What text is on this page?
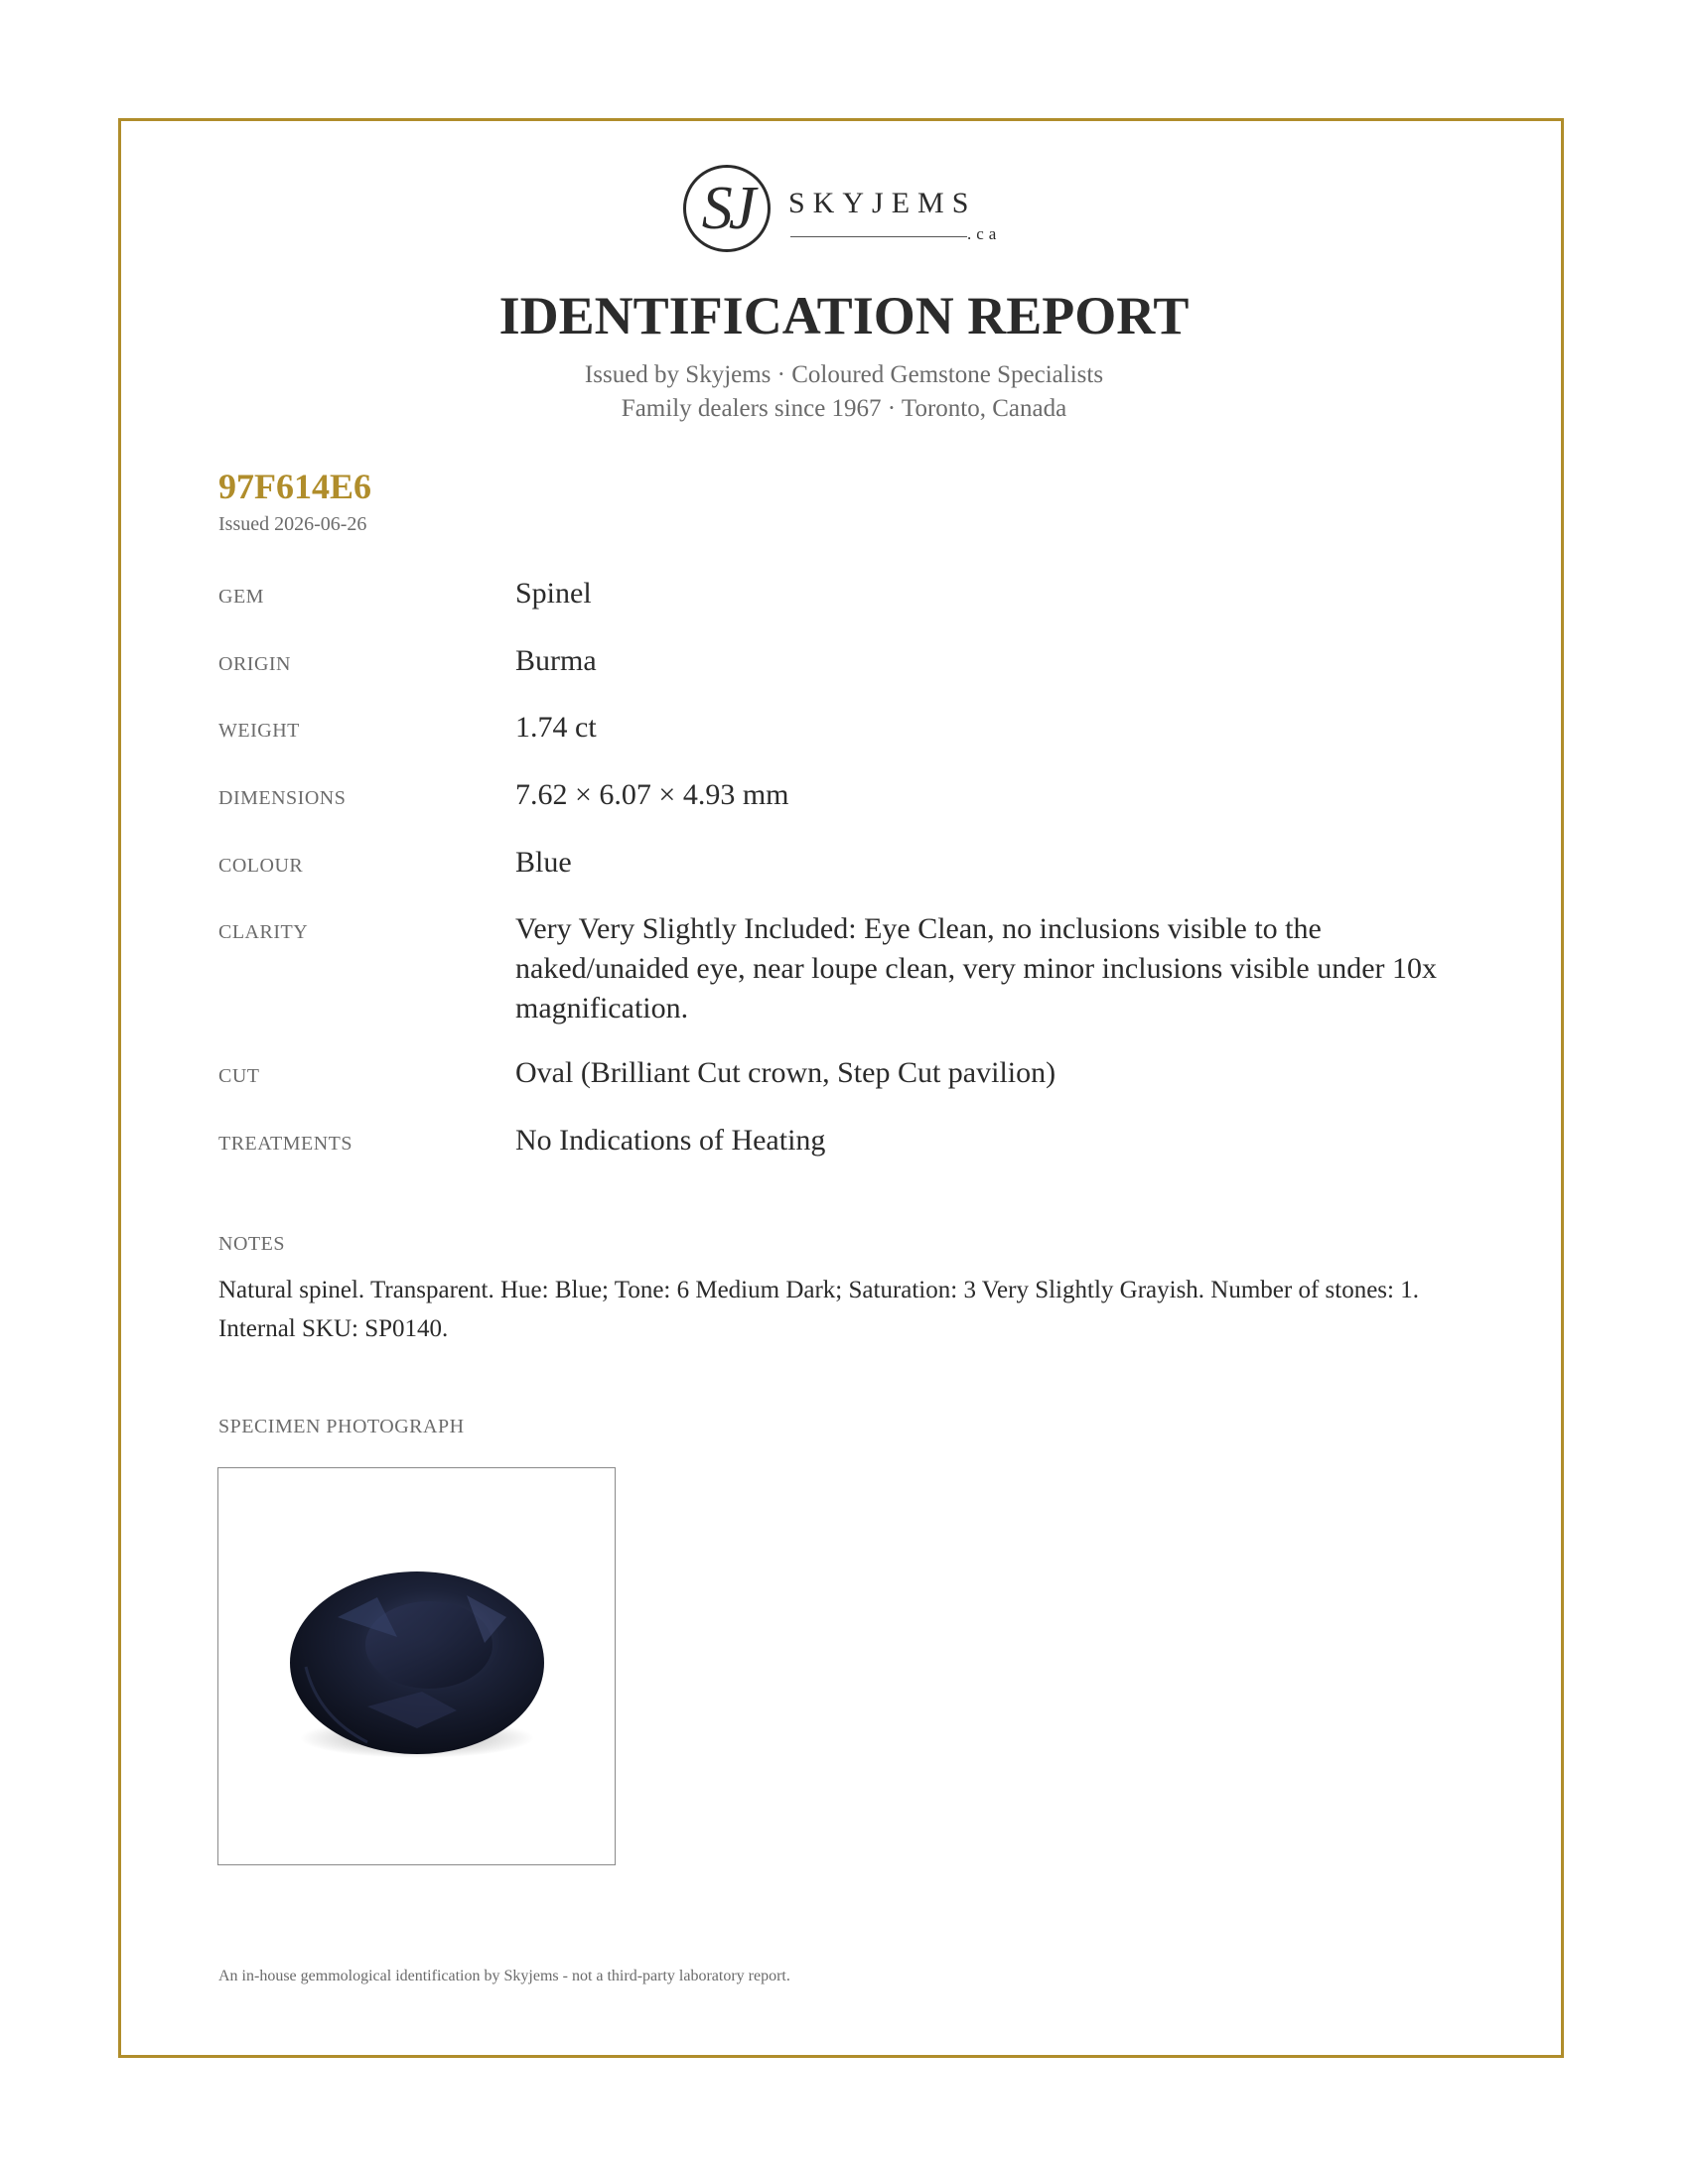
SJ	SKYJEMS
.ca
IDENTIFICATION REPORT
Issued by Skyjems · Coloured Gemstone Specialists
Family dealers since 1967 · Toronto, Canada
97F614E6
Issued 2026-06-26
GEM	Spinel
ORIGIN	Burma
WEIGHT	1.74 ct
DIMENSIONS	7.62 × 6.07 × 4.93 mm
COLOUR	Blue
CLARITY	Very Very Slightly Included: Eye Clean, no inclusions visible to the naked/unaided eye, near loupe clean, very minor inclusions visible under 10x magnification.
CUT	Oval (Brilliant Cut crown, Step Cut pavilion)
TREATMENTS	No Indications of Heating
NOTES
Natural spinel. Transparent. Hue: Blue; Tone: 6 Medium Dark; Saturation: 3 Very Slightly Grayish. Number of stones: 1. Internal SKU: SP0140.
SPECIMEN PHOTOGRAPH
An in-house gemmological identification by Skyjems - not a third-party laboratory report.
